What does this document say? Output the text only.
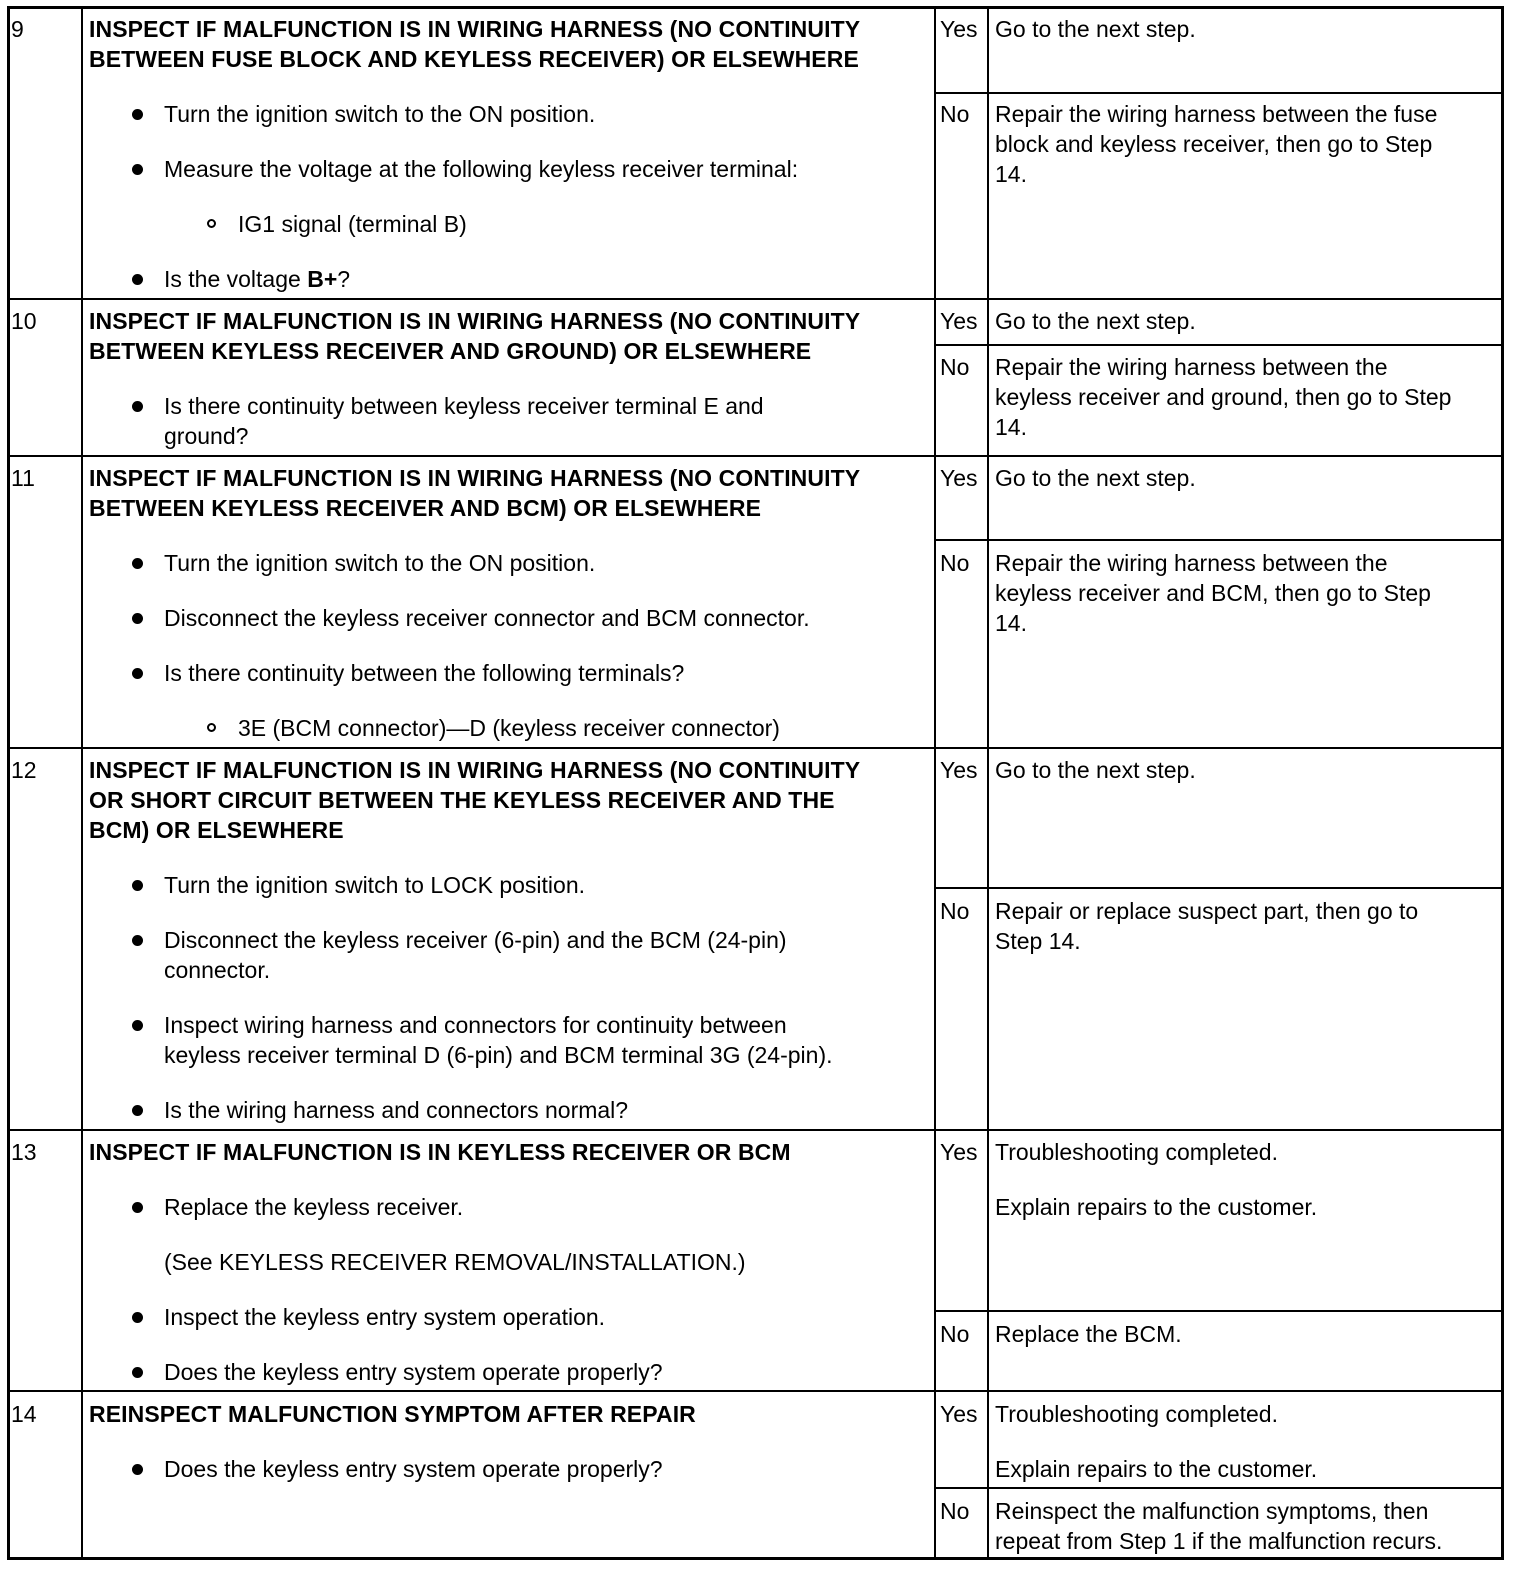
9	INSPECT IF MALFUNCTION IS IN WIRING HARNESS (NO CONTINUITY
BETWEEN FUSE BLOCK AND KEYLESS RECEIVER) OR ELSEWHERE
Turn the ignition switch to the ON position.
Measure the voltage at the following keyless receiver terminal:
IG1 signal (terminal B)
Is the voltage B+?
Yes Go to the next step.
No Repair the wiring harness between the fuse
block and keyless receiver, then go to Step
14.
10 INSPECT IF MALFUNCTION IS IN WIRING HARNESS (NO CONTINUITY
BETWEEN KEYLESS RECEIVER AND GROUND) OR ELSEWHERE
Is there continuity between keyless receiver terminal E and
ground?
Yes Go to the next step.
No Repair the wiring harness between the
keyless receiver and ground, then go to Step
14.
11 INSPECT IF MALFUNCTION IS IN WIRING HARNESS (NO CONTINUITY
BETWEEN KEYLESS RECEIVER AND BCM) OR ELSEWHERE
Turn the ignition switch to the ON position.
Disconnect the keyless receiver connector and BCM connector.
Is there continuity between the following terminals?
3E (BCM connector)—D (keyless receiver connector)
Yes Go to the next step.
No Repair the wiring harness between the
keyless receiver and BCM, then go to Step
14.
12 INSPECT IF MALFUNCTION IS IN WIRING HARNESS (NO CONTINUITY
OR SHORT CIRCUIT BETWEEN THE KEYLESS RECEIVER AND THE
BCM) OR ELSEWHERE
Turn the ignition switch to LOCK position.
Disconnect the keyless receiver (6-pin) and the BCM (24-pin)
connector.
Inspect wiring harness and connectors for continuity between
keyless receiver terminal D (6-pin) and BCM terminal 3G (24-pin).
Is the wiring harness and connectors normal?
Yes Go to the next step.
No Repair or replace suspect part, then go to
Step 14.
13 INSPECT IF MALFUNCTION IS IN KEYLESS RECEIVER OR BCM
Replace the keyless receiver.
(See KEYLESS RECEIVER REMOVAL/INSTALLATION.)
Inspect the keyless entry system operation.
Does the keyless entry system operate properly?
Yes Troubleshooting completed.
Explain repairs to the customer.
No Replace the BCM.
14 REINSPECT MALFUNCTION SYMPTOM AFTER REPAIR
Does the keyless entry system operate properly?
Yes Troubleshooting completed.
Explain repairs to the customer.
No Reinspect the malfunction symptoms, then
repeat from Step 1 if the malfunction recurs.
